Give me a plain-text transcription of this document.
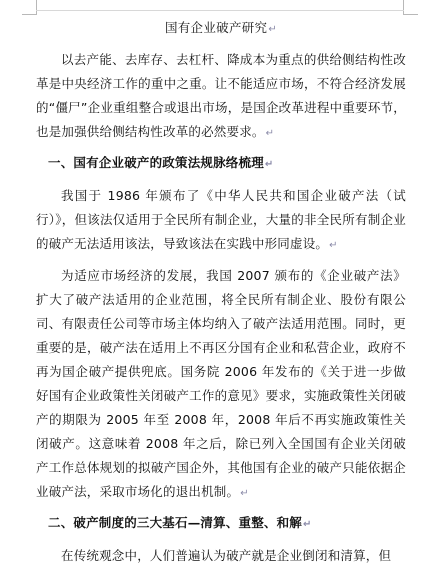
国有企业破产研究↵

以去产能、去库存、去杠杆、降成本为重点的供给侧结构性改革是中央经济工作的重中之重。让不能适应市场，不符合经济发展的“僵尸”企业重组整合或退出市场，是国企改革进程中重要环节，也是加强供给侧结构性改革的必然要求。↵

一、国有企业破产的政策法规脉络梳理↵

我国于 1986 年颁布了《中华人民共和国企业破产法（试行）》，但该法仅适用于全民所有制企业，大量的非全民所有制企业的破产无法适用该法，导致该法在实践中形同虚设。↵

为适应市场经济的发展，我国 2007 颁布的《企业破产法》扩大了破产法适用的企业范围，将全民所有制企业、股份有限公司、有限责任公司等市场主体均纳入了破产法适用范围。同时，更重要的是，破产法在适用上不再区分国有企业和私营企业，政府不再为国企破产提供兜底。国务院 2006 年发布的《关于进一步做好国有企业政策性关闭破产工作的意见》要求，实施政策性关闭破产的期限为 2005 年至 2008 年，2008 年后不再实施政策性关闭破产。这意味着 2008 年之后，除已列入全国国有企业关闭破产工作总体规划的拟破产国企外，其他国有企业的破产只能依据企业破产法，采取市场化的退出机制。↵

二、破产制度的三大基石—清算、重整、和解↵

在传统观念中，人们普遍认为破产就是企业倒闭和清算，但
